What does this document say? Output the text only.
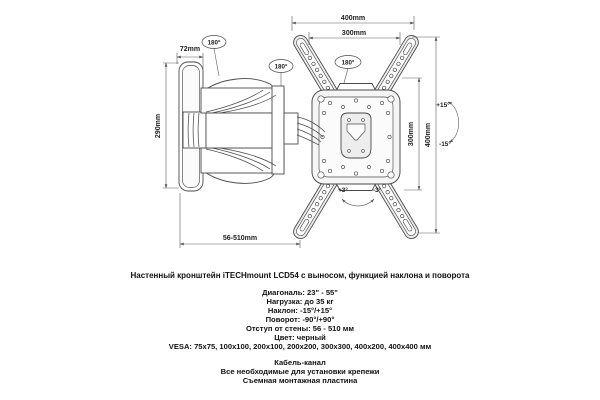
72mm
290mm
56-510mm
400mm
300mm
300mm 400mm
+15°
-15°
+3°	-3°
180°
180°
180°
Настенный кронштейн iTECHmount LCD54 с выносом, функцией наклона и поворота
Диагональ: 23" - 55"
Нагрузка: до 35 кг
Наклон: -15°/+15°
Поворот: -90°/+90°
Отступ от стены: 56 - 510 мм
Цвет: черный
VESA: 75x75, 100x100, 200x100, 200x200, 300x300, 400x200, 400x400 мм
Кабель-канал
Все необходимые для установки крепежи
Съемная монтажная пластина
